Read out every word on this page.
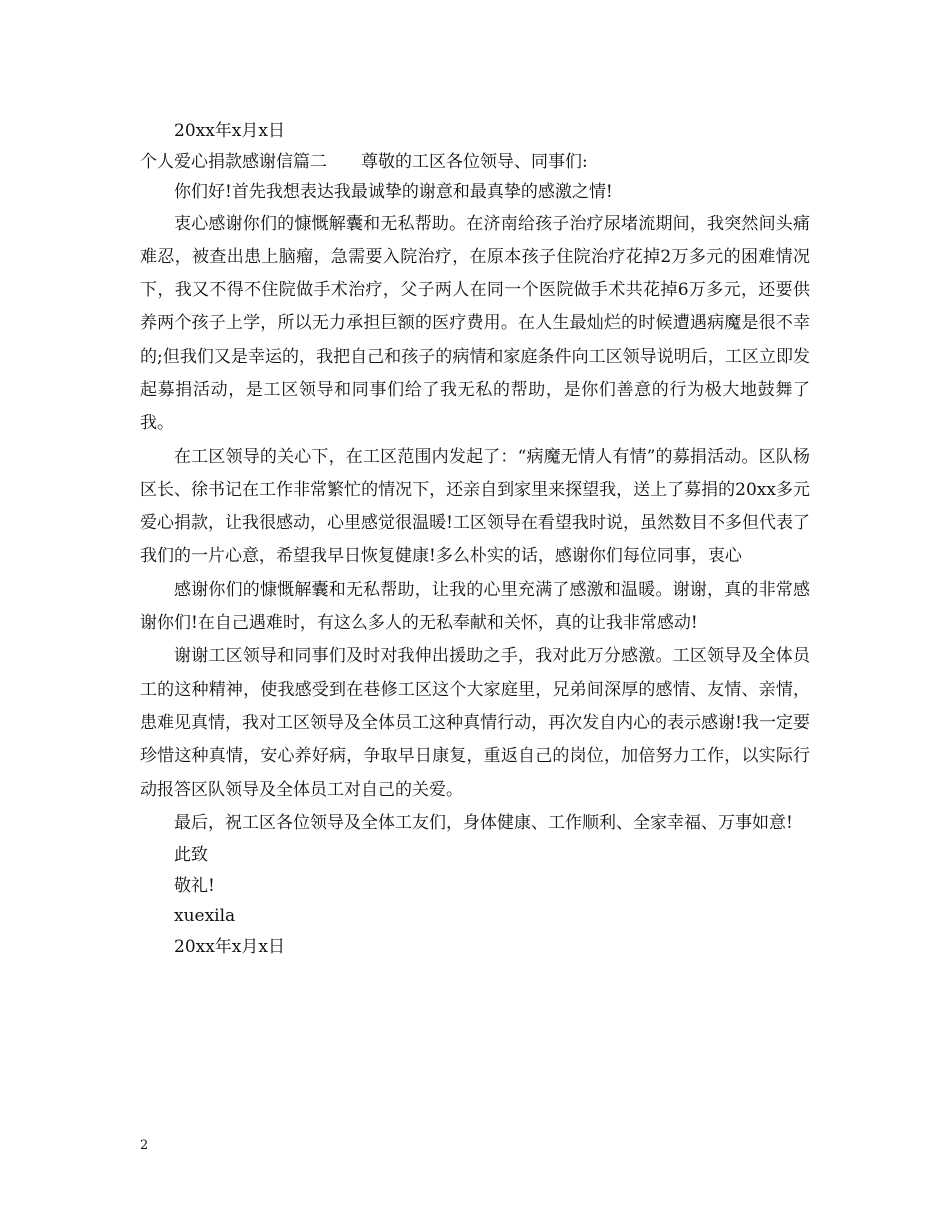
20xx年x月x日
个人爱心捐款感谢信篇二　　尊敬的工区各位领导、同事们:
你们好!首先我想表达我最诚挚的谢意和最真挚的感激之情!

衷心感谢你们的慷慨解囊和无私帮助。在济南给孩子治疗尿堵流期间，我突然间头痛难忍，被查出患上脑瘤，急需要入院治疗，在原本孩子住院治疗花掉2万多元的困难情况下，我又不得不住院做手术治疗，父子两人在同一个医院做手术共花掉6万多元，还要供养两个孩子上学，所以无力承担巨额的医疗费用。在人生最灿烂的时候遭遇病魔是很不幸的;但我们又是幸运的，我把自己和孩子的病情和家庭条件向工区领导说明后，工区立即发起募捐活动，是工区领导和同事们给了我无私的帮助，是你们善意的行为极大地鼓舞了我。

在工区领导的关心下，在工区范围内发起了：“病魔无情人有情”的募捐活动。区队杨区长、徐书记在工作非常繁忙的情况下，还亲自到家里来探望我，送上了募捐的20xx多元爱心捐款，让我很感动，心里感觉很温暖!工区领导在看望我时说，虽然数目不多但代表了我们的一片心意，希望我早日恢复健康!多么朴实的话，感谢你们每位同事，衷心

感谢你们的慷慨解囊和无私帮助，让我的心里充满了感激和温暖。谢谢，真的非常感谢你们!在自己遇难时，有这么多人的无私奉献和关怀，真的让我非常感动!

谢谢工区领导和同事们及时对我伸出援助之手，我对此万分感激。工区领导及全体员工的这种精神，使我感受到在巷修工区这个大家庭里，兄弟间深厚的感情、友情、亲情，患难见真情，我对工区领导及全体员工这种真情行动，再次发自内心的表示感谢!我一定要珍惜这种真情，安心养好病，争取早日康复，重返自己的岗位，加倍努力工作，以实际行动报答区队领导及全体员工对自己的关爱。

最后，祝工区各位领导及全体工友们，身体健康、工作顺利、全家幸福、万事如意!

此致
敬礼!
xuexila
20xx年x月x日
2
